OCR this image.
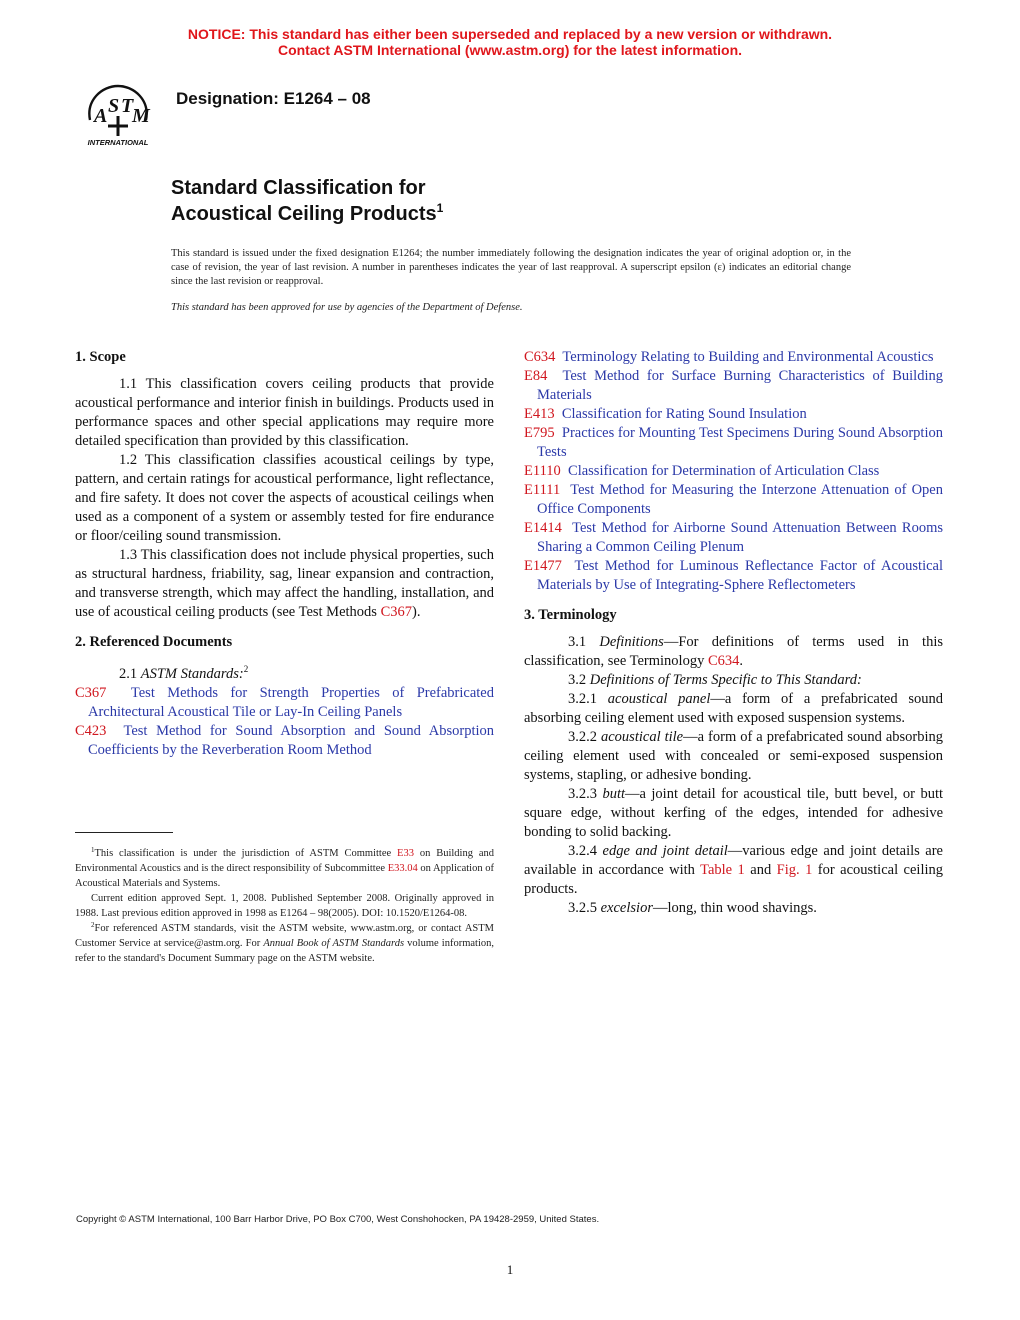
NOTICE: This standard has either been superseded and replaced by a new version or withdrawn.
Contact ASTM International (www.astm.org) for the latest information.
A S T
M
INTERNATIONAL
Designation: E1264 – 08
Standard Classification for
Acoustical Ceiling Products$^1$
This standard is issued under the fixed designation E1264; the number immediately following the designation indicates the year of original adoption or, in the case of revision, the year of last revision. A number in parentheses indicates the year of last reapproval. A superscript epsilon (ε) indicates an editorial change since the last revision or reapproval.
This standard has been approved for use by agencies of the Department of Defense.

1. Scope

1.1 This classification covers ceiling products that provide acoustical performance and interior finish in buildings. Products used in performance spaces and other special applications may require more detailed specification than provided by this classification.

1.2 This classification classifies acoustical ceilings by type, pattern, and certain ratings for acoustical performance, light reflectance, and fire safety. It does not cover the aspects of acoustical ceilings when used as a component of a system or assembly tested for fire endurance or floor/ceiling sound transmission.

1.3 This classification does not include physical properties, such as structural hardness, friability, sag, linear expansion and contraction, and transverse strength, which may affect the handling, installation, and use of acoustical ceiling products (see Test Methods C367).

2. Referenced Documents

2.1 ASTM Standards:$^2$

C367 Test Methods for Strength Properties of Prefabricated Architectural Acoustical Tile or Lay-In Ceiling Panels

C423 Test Method for Sound Absorption and Sound Absorption Coefficients by the Reverberation Room Method

$^1$This classification is under the jurisdiction of ASTM Committee E33 on Building and Environmental Acoustics and is the direct responsibility of Subcommittee E33.04 on Application of Acoustical Materials and Systems.

Current edition approved Sept. 1, 2008. Published September 2008. Originally approved in 1988. Last previous edition approved in 1998 as E1264 – 98(2005). DOI: 10.1520/E1264-08.

$^2$For referenced ASTM standards, visit the ASTM website, www.astm.org, or contact ASTM Customer Service at service@astm.org. For Annual Book of ASTM Standards volume information, refer to the standard's Document Summary page on the ASTM website.

C634 Terminology Relating to Building and Environmental Acoustics

E84 Test Method for Surface Burning Characteristics of Building Materials

E413 Classification for Rating Sound Insulation

E795 Practices for Mounting Test Specimens During Sound Absorption Tests

E1110 Classification for Determination of Articulation Class

E1111 Test Method for Measuring the Interzone Attenuation of Open Office Components

E1414 Test Method for Airborne Sound Attenuation Between Rooms Sharing a Common Ceiling Plenum

E1477 Test Method for Luminous Reflectance Factor of Acoustical Materials by Use of Integrating-Sphere Reflectometers

3. Terminology

3.1 Definitions—For definitions of terms used in this classification, see Terminology C634.

3.2 Definitions of Terms Specific to This Standard:

3.2.1 acoustical panel—a form of a prefabricated sound absorbing ceiling element used with exposed suspension systems.

3.2.2 acoustical tile—a form of a prefabricated sound absorbing ceiling element used with concealed or semi-exposed suspension systems, stapling, or adhesive bonding.

3.2.3 butt—a joint detail for acoustical tile, butt bevel, or butt square edge, without kerfing of the edges, intended for adhesive bonding to solid backing.

3.2.4 edge and joint detail—various edge and joint details are available in accordance with Table 1 and Fig. 1 for acoustical ceiling products.

3.2.5 excelsior—long, thin wood shavings.

Copyright © ASTM International, 100 Barr Harbor Drive, PO Box C700, West Conshohocken, PA 19428-2959, United States.
1
